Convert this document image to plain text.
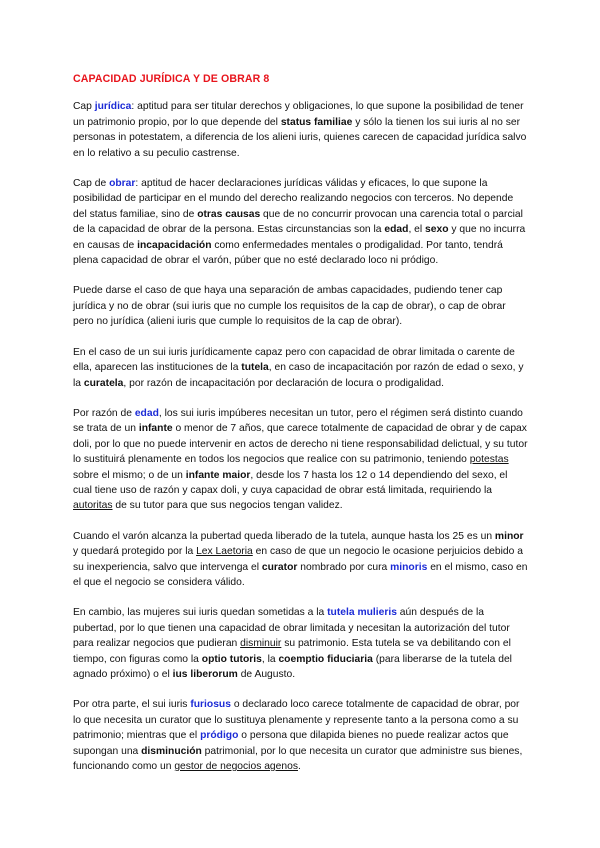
CAPACIDAD JURÍDICA Y DE OBRAR 8

Cap jurídica: aptitud para ser titular derechos y obligaciones, lo que supone la posibilidad de tener un patrimonio propio, por lo que depende del status familiae y sólo la tienen los sui iuris al no ser personas in potestatem, a diferencia de los alieni iuris, quienes carecen de capacidad jurídica salvo en lo relativo a su peculio castrense.

Cap de obrar: aptitud de hacer declaraciones jurídicas válidas y eficaces, lo que supone la posibilidad de participar en el mundo del derecho realizando negocios con terceros. No depende del status familiae, sino de otras causas que de no concurrir provocan una carencia total o parcial de la capacidad de obrar de la persona. Estas circunstancias son la edad, el sexo y que no incurra en causas de incapacidación como enfermedades mentales o prodigalidad. Por tanto, tendrá plena capacidad de obrar el varón, púber que no esté declarado loco ni pródigo.

Puede darse el caso de que haya una separación de ambas capacidades, pudiendo tener cap jurídica y no de obrar (sui iuris que no cumple los requisitos de la cap de obrar), o cap de obrar pero no jurídica (alieni iuris que cumple lo requisitos de la cap de obrar).

En el caso de un sui iuris jurídicamente capaz pero con capacidad de obrar limitada o carente de ella, aparecen las instituciones de la tutela, en caso de incapacitación por razón de edad o sexo, y la curatela, por razón de incapacitación por declaración de locura o prodigalidad.

Por razón de edad, los sui iuris impúberes necesitan un tutor, pero el régimen será distinto cuando se trata de un infante o menor de 7 años, que carece totalmente de capacidad de obrar y de capax doli, por lo que no puede intervenir en actos de derecho ni tiene responsabilidad delictual, y su tutor lo sustituirá plenamente en todos los negocios que realice con su patrimonio, teniendo potestas sobre el mismo; o de un infante maior, desde los 7 hasta los 12 o 14 dependiendo del sexo, el cual tiene uso de razón y capax doli, y cuya capacidad de obrar está limitada, requiriendo la autoritas de su tutor para que sus negocios tengan validez.

Cuando el varón alcanza la pubertad queda liberado de la tutela, aunque hasta los 25 es un minor y quedará protegido por la Lex Laetoria en caso de que un negocio le ocasione perjuicios debido a su inexperiencia, salvo que intervenga el curator nombrado por cura minoris en el mismo, caso en el que el negocio se considera válido.

En cambio, las mujeres sui iuris quedan sometidas a la tutela mulieris aún después de la pubertad, por lo que tienen una capacidad de obrar limitada y necesitan la autorización del tutor para realizar negocios que pudieran disminuir su patrimonio. Esta tutela se va debilitando con el tiempo, con figuras como la optio tutoris, la coemptio fiduciaria (para liberarse de la tutela del agnado próximo) o el ius liberorum de Augusto.

Por otra parte, el sui iuris furiosus o declarado loco carece totalmente de capacidad de obrar, por lo que necesita un curator que lo sustituya plenamente y represente tanto a la persona como a su patrimonio; mientras que el pródigo o persona que dilapida bienes no puede realizar actos que supongan una disminución patrimonial, por lo que necesita un curator que administre sus bienes, funcionando como un gestor de negocios agenos.
